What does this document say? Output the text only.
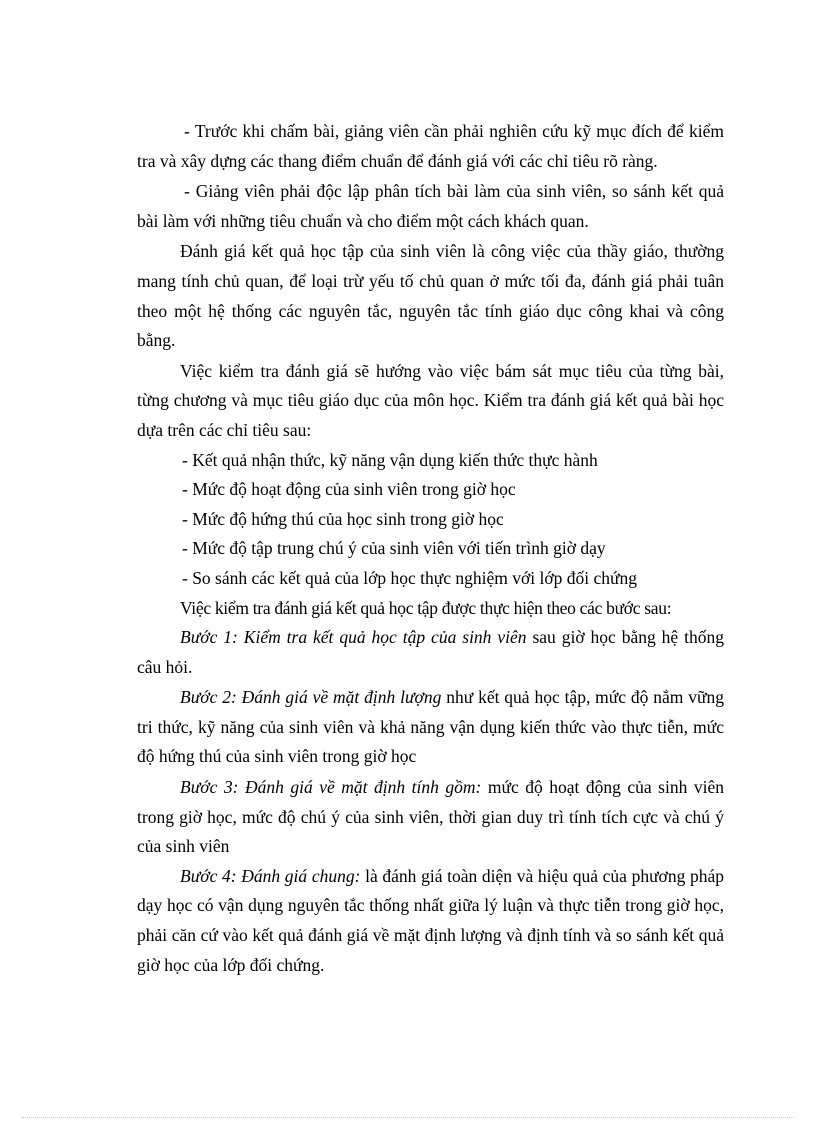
- Trước khi chấm bài, giảng viên cần phải nghiên cứu kỹ mục đích để kiểm tra và xây dựng các thang điểm chuẩn để đánh giá với các chỉ tiêu rõ ràng.

- Giảng viên phải độc lập phân tích bài làm của sinh viên, so sánh kết quả bài làm với những tiêu chuẩn và cho điểm một cách khách quan.

Đánh giá kết quả học tập của sinh viên là công việc của thầy giáo, thường mang tính chủ quan, để loại trừ yếu tố chủ quan ở mức tối đa, đánh giá phải tuân theo một hệ thống các nguyên tắc, nguyên tắc tính giáo dục công khai và công bằng.

Việc kiểm tra đánh giá sẽ hướng vào việc bám sát mục tiêu của từng bài, từng chương và mục tiêu giáo dục của môn học. Kiểm tra đánh giá kết quả bài học dựa trên các chỉ tiêu sau:

- Kết quả nhận thức, kỹ năng vận dụng kiến thức thực hành

- Mức độ hoạt động của sinh viên trong giờ học

- Mức độ hứng thú của học sinh trong giờ học

- Mức độ tập trung chú ý của sinh viên với tiến trình giờ dạy

- So sánh các kết quả của lớp học thực nghiệm với lớp đối chứng

Việc kiểm tra đánh giá kết quả học tập được thực hiện theo các bước sau:

Bước 1: Kiểm tra kết quả học tập của sinh viên sau giờ học bằng hệ thống câu hỏi.

Bước 2: Đánh giá về mặt định lượng như kết quả học tập, mức độ nắm vững tri thức, kỹ năng của sinh viên và khả năng vận dụng kiến thức vào thực tiễn, mức độ hứng thú của sinh viên trong giờ học

Bước 3: Đánh giá về mặt định tính gồm: mức độ hoạt động của sinh viên trong giờ học, mức độ chú ý của sinh viên, thời gian duy trì tính tích cực và chú ý của sinh viên

Bước 4: Đánh giá chung: là đánh giá toàn diện và hiệu quả của phương pháp dạy học có vận dụng nguyên tắc thống nhất giữa lý luận và thực tiễn trong giờ học, phải căn cứ vào kết quả đánh giá về mặt định lượng và định tính và so sánh kết quả giờ học của lớp đối chứng.
